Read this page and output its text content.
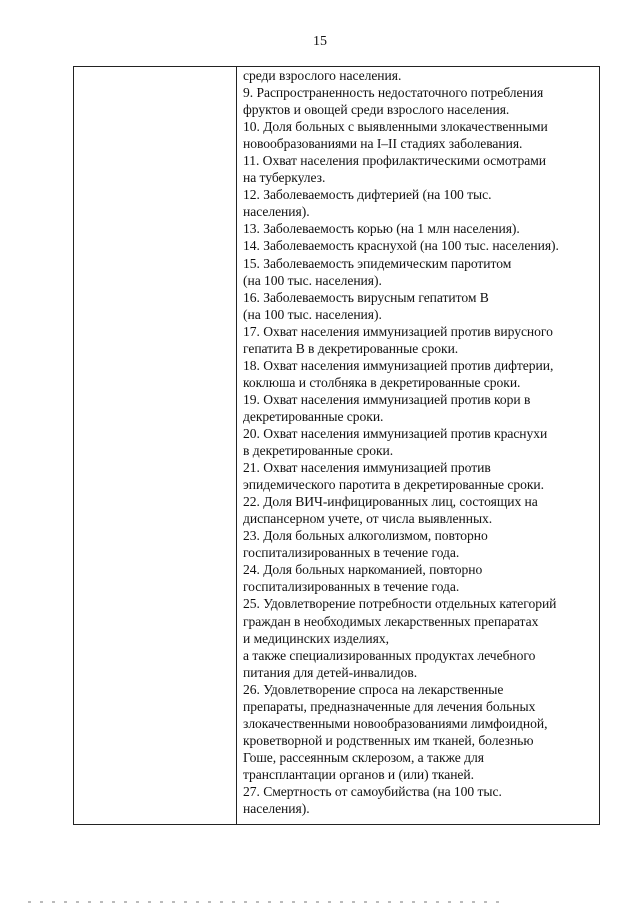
15
среди взрослого населения.
9. Распространенность недостаточного потребления
фруктов и овощей среди взрослого населения.
10. Доля больных с выявленными злокачественными
новообразованиями на I–II стадиях заболевания.
11. Охват населения профилактическими осмотрами
на туберкулез.
12. Заболеваемость дифтерией (на 100 тыс.
населения).
13. Заболеваемость корью (на 1 млн населения).
14. Заболеваемость краснухой (на 100 тыс. населения).
15. Заболеваемость эпидемическим паротитом
(на 100 тыс. населения).
16. Заболеваемость вирусным гепатитом В
(на 100 тыс. населения).
17. Охват населения иммунизацией против вирусного
гепатита В в декретированные сроки.
18. Охват населения иммунизацией против дифтерии,
коклюша и столбняка в декретированные сроки.
19. Охват населения иммунизацией против кори в
декретированные сроки.
20. Охват населения иммунизацией против краснухи
в декретированные сроки.
21. Охват населения иммунизацией против
эпидемического паротита в декретированные сроки.
22. Доля ВИЧ-инфицированных лиц, состоящих на
диспансерном учете, от числа выявленных.
23. Доля больных алкоголизмом, повторно
госпитализированных в течение года.
24. Доля больных наркоманией, повторно
госпитализированных в течение года.
25. Удовлетворение потребности отдельных категорий
граждан в необходимых лекарственных препаратах
и медицинских изделиях,
а также специализированных продуктах лечебного
питания для детей-инвалидов.
26. Удовлетворение спроса на лекарственные
препараты, предназначенные для лечения больных
злокачественными новообразованиями лимфоидной,
кроветворной и родственных им тканей, болезнью
Гоше, рассеянным склерозом, а также для
трансплантации органов и (или) тканей.
27. Смертность от самоубийства (на 100 тыс.
населения).
